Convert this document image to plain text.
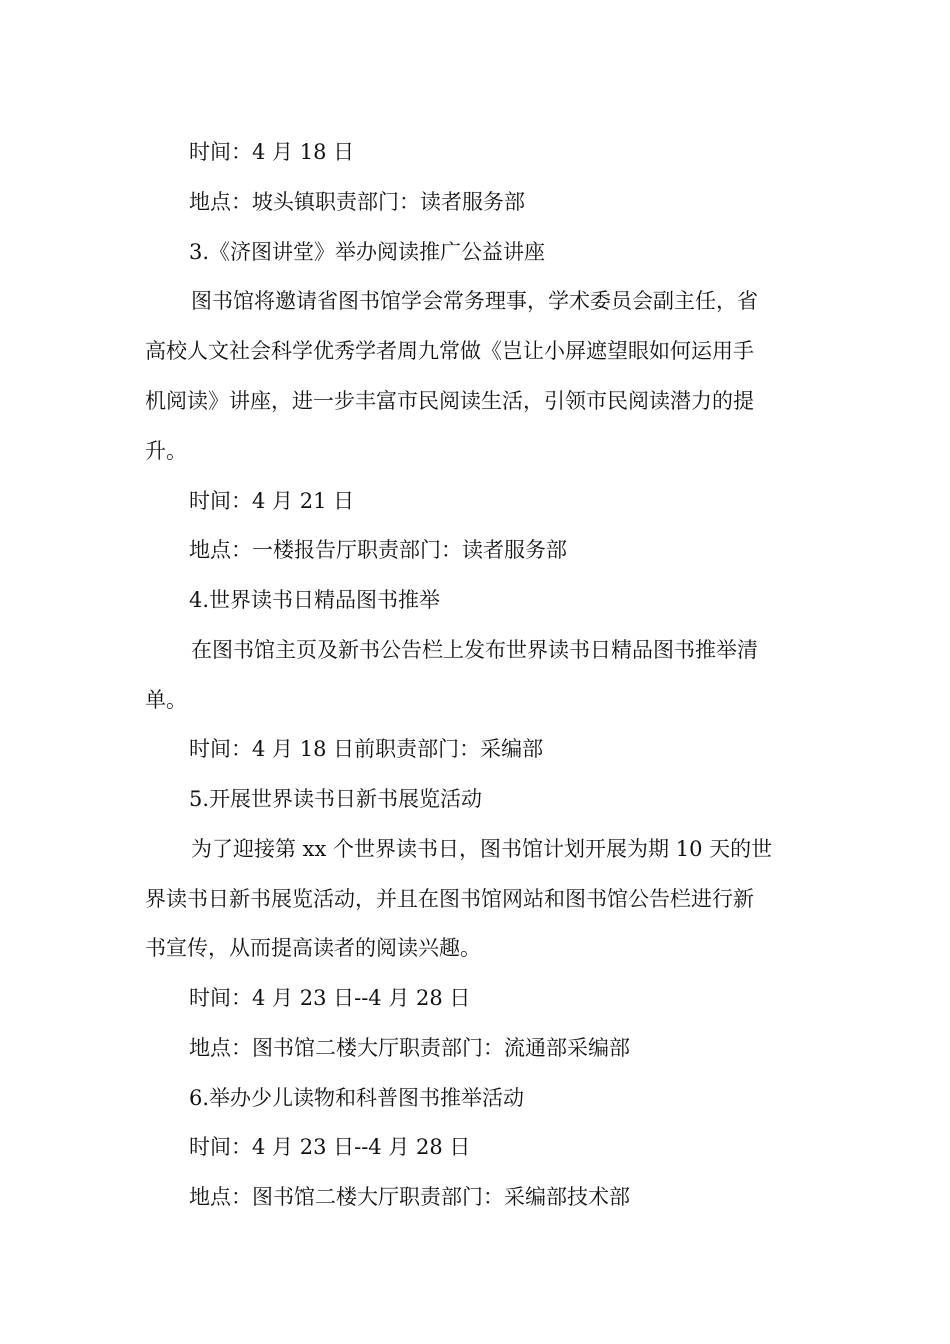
时间：4 月 18 日
地点：坡头镇职责部门：读者服务部
3.《济图讲堂》举办阅读推广公益讲座
图书馆将邀请省图书馆学会常务理事，学术委员会副主任，省
高校人文社会科学优秀学者周九常做《岂让小屏遮望眼如何运用手
机阅读》讲座，进一步丰富市民阅读生活，引领市民阅读潜力的提
升。
时间：4 月 21 日
地点：一楼报告厅职责部门：读者服务部
4.世界读书日精品图书推举
在图书馆主页及新书公告栏上发布世界读书日精品图书推举清
单。
时间：4 月 18 日前职责部门：采编部
5.开展世界读书日新书展览活动
为了迎接第 xx 个世界读书日，图书馆计划开展为期 10 天的世
界读书日新书展览活动，并且在图书馆网站和图书馆公告栏进行新
书宣传，从而提高读者的阅读兴趣。
时间：4 月 23 日--4 月 28 日
地点：图书馆二楼大厅职责部门：流通部采编部
6.举办少儿读物和科普图书推举活动
时间：4 月 23 日--4 月 28 日
地点：图书馆二楼大厅职责部门：采编部技术部
